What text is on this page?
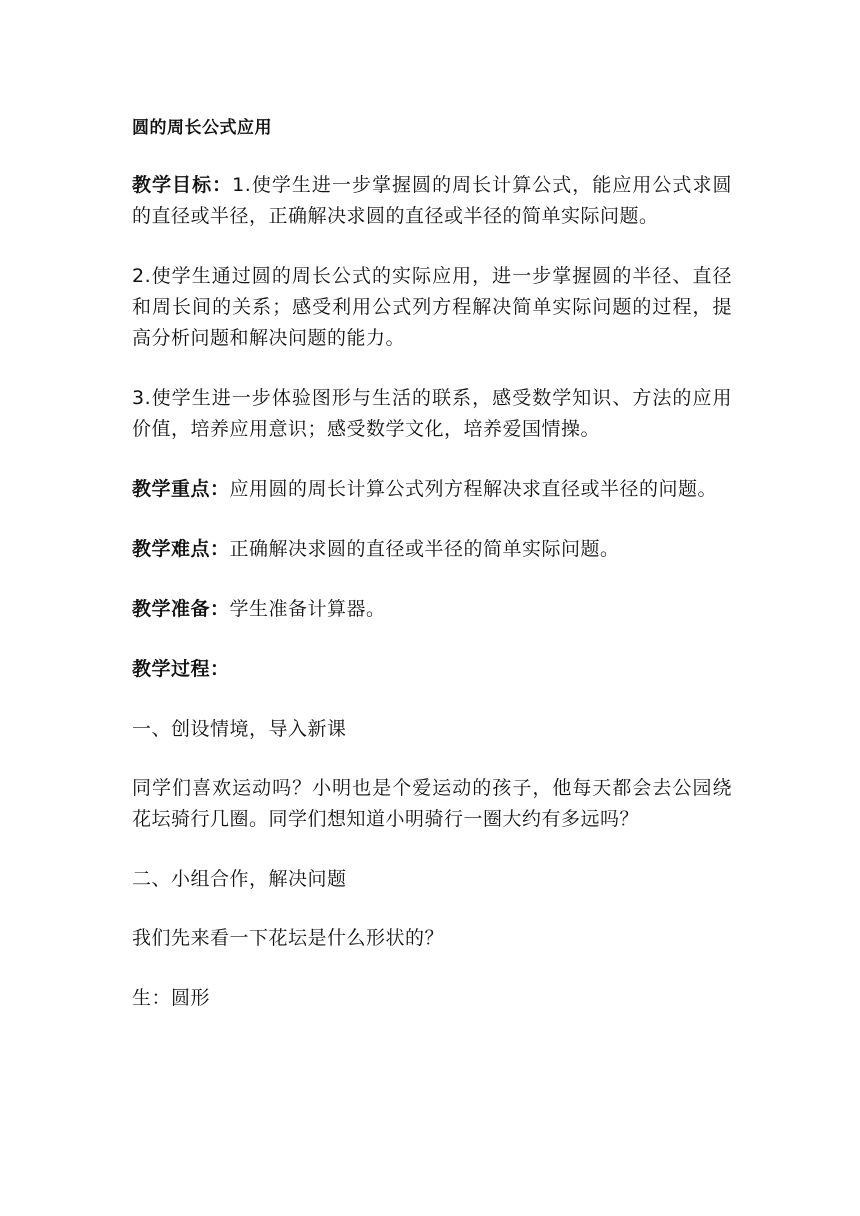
圆的周长公式应用
教学目标：1.使学生进一步掌握圆的周长计算公式，能应用公式求圆的直径或半径，正确解决求圆的直径或半径的简单实际问题。
2.使学生通过圆的周长公式的实际应用，进一步掌握圆的半径、直径和周长间的关系；感受利用公式列方程解决简单实际问题的过程，提高分析问题和解决问题的能力。
3.使学生进一步体验图形与生活的联系，感受数学知识、方法的应用价值，培养应用意识；感受数学文化，培养爱国情操。
教学重点：应用圆的周长计算公式列方程解决求直径或半径的问题。
教学难点：正确解决求圆的直径或半径的简单实际问题。
教学准备：学生准备计算器。
教学过程：
一、创设情境，导入新课
同学们喜欢运动吗？小明也是个爱运动的孩子，他每天都会去公园绕花坛骑行几圈。同学们想知道小明骑行一圈大约有多远吗？
二、小组合作，解决问题
我们先来看一下花坛是什么形状的？
生：圆形
